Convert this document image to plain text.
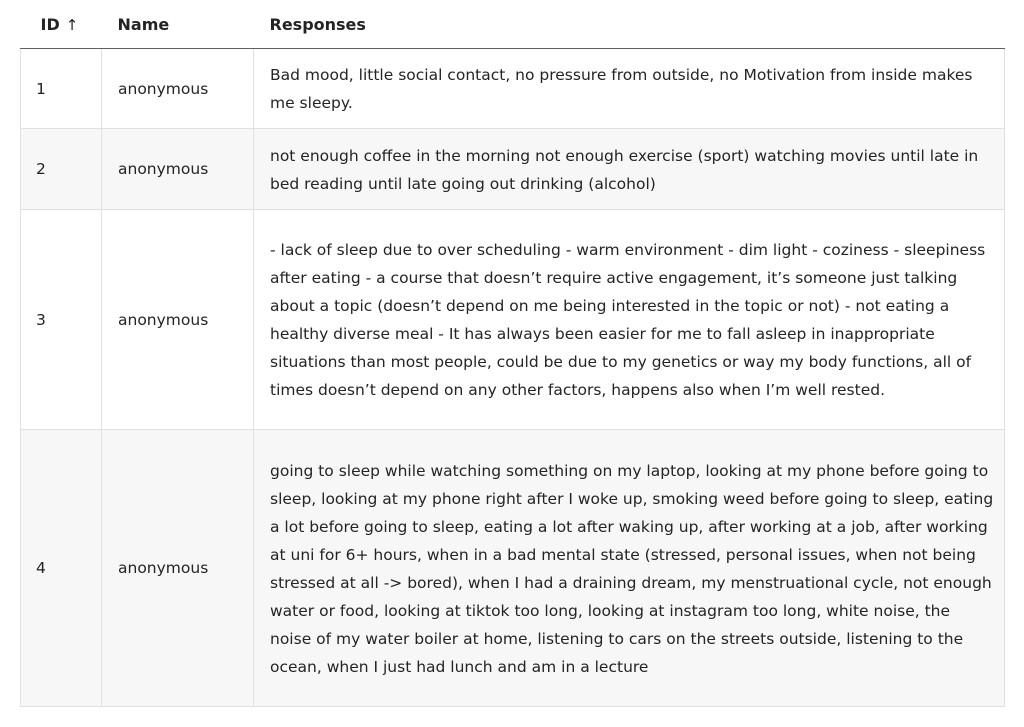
ID ↑	Name	Responses
1	anonymous	Bad mood, little social contact, no pressure from outside, no Motivation from inside makes me sleepy.

2	anonymous	not enough coffee in the morning not enough exercise (sport) watching movies until late in bed reading until late going out drinking (alcohol)

3	anonymous	- lack of sleep due to over scheduling - warm environment - dim light - coziness - sleepiness after eating - a course that doesn’t require active engagement, it’s someone just talking about a topic (doesn’t depend on me being interested in the topic or not) - not eating a healthy diverse meal - It has always been easier for me to fall asleep in inappropriate situations than most people, could be due to my genetics or way my body functions, all of times doesn’t depend on any other factors, happens also when I’m well rested.

4	anonymous	going to sleep while watching something on my laptop, looking at my phone before going to sleep, looking at my phone right after I woke up, smoking weed before going to sleep, eating a lot before going to sleep, eating a lot after waking up, after working at a job, after working at uni for 6+ hours, when in a bad mental state (stressed, personal issues, when not being stressed at all -> bored), when I had a draining dream, my menstruational cycle, not enough water or food, looking at tiktok too long, looking at instagram too long, white noise, the noise of my water boiler at home, listening to cars on the streets outside, listening to the ocean, when I just had lunch and am in a lecture
